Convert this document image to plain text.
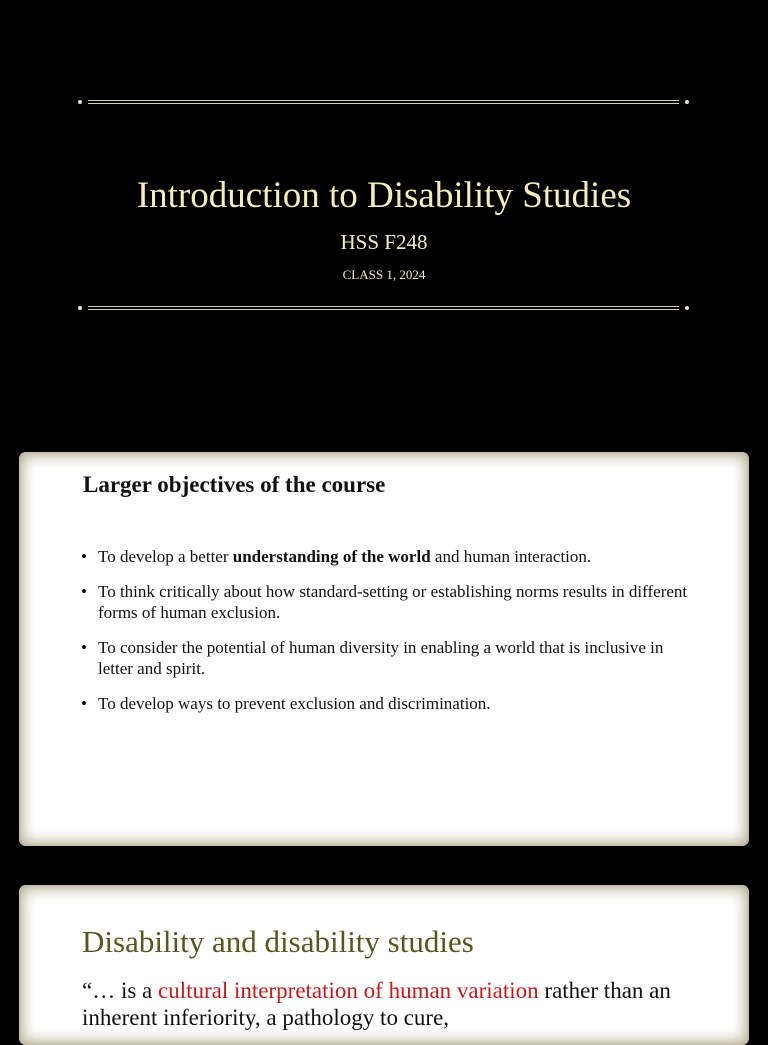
Introduction to Disability Studies
HSS F248
CLASS 1, 2024
Larger objectives of the course
• To develop a better understanding of the world and human interaction.
• To think critically about how standard-setting or establishing norms results in different forms of human exclusion.
• To consider the potential of human diversity in enabling a world that is inclusive in letter and spirit.
• To develop ways to prevent exclusion and discrimination.
Disability and disability studies
“… is a cultural interpretation of human variation rather than an inherent inferiority, a pathology to cure,
